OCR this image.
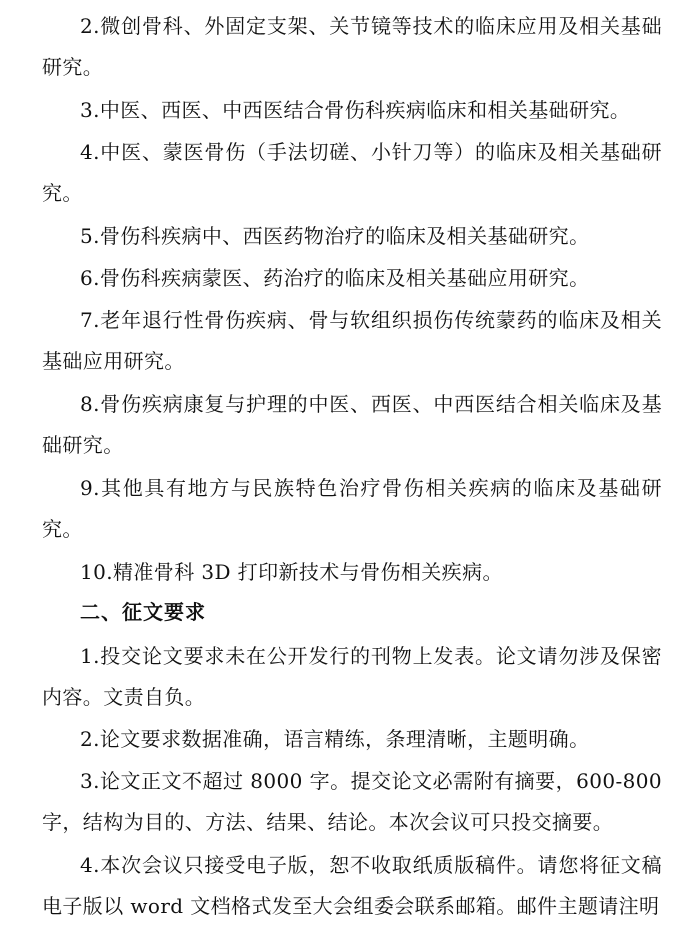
2.微创骨科、外固定支架、关节镜等技术的临床应用及相关基础研究。
3.中医、西医、中西医结合骨伤科疾病临床和相关基础研究。
4.中医、蒙医骨伤（手法切磋、小针刀等）的临床及相关基础研究。
5.骨伤科疾病中、西医药物治疗的临床及相关基础研究。
6.骨伤科疾病蒙医、药治疗的临床及相关基础应用研究。
7.老年退行性骨伤疾病、骨与软组织损伤传统蒙药的临床及相关基础应用研究。
8.骨伤疾病康复与护理的中医、西医、中西医结合相关临床及基础研究。
9.其他具有地方与民族特色治疗骨伤相关疾病的临床及基础研究。
10.精准骨科 3D 打印新技术与骨伤相关疾病。
二、征文要求
1.投交论文要求未在公开发行的刊物上发表。论文请勿涉及保密内容。文责自负。
2.论文要求数据准确，语言精练，条理清晰，主题明确。
3.论文正文不超过 8000 字。提交论文必需附有摘要，600-800 字，结构为目的、方法、结果、结论。本次会议可只投交摘要。
4.本次会议只接受电子版，恕不收取纸质版稿件。请您将征文稿电子版以 word 文档格式发至大会组委会联系邮箱。邮件主题请注明
